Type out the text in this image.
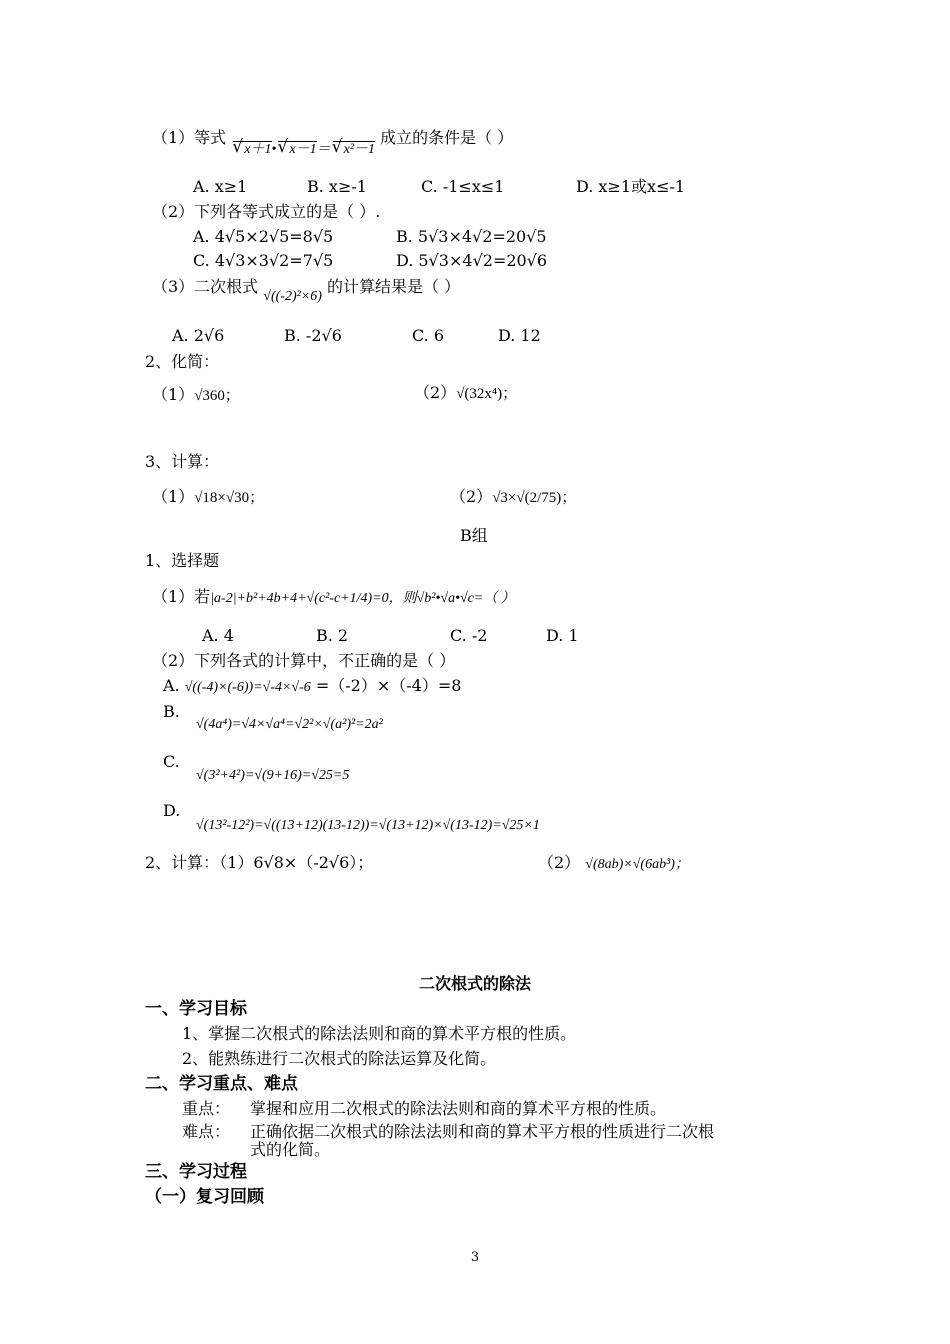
（1）等式 √ x＋1• √ x－1＝ √ x²－1 成立的条件是（ ）
A. x≥1	B. x≥-1	C. -1≤x≤1	D. x≥1或x≤-1
（2）下列各等式成立的是（ ）.
A. 4√5×2√5=8√5	B. 5√3×4√2=20√5
C. 4√3×3√2=7√5	D. 5√3×4√2=20√6
（3）二次根式 √((-2)²×6) 的计算结果是（ ）
A. 2√6	B. -2√6	C. 6	D. 12
2、化简：
（1）√360；	（2）√(32x⁴)；
3、计算：
（1）√18×√30；	（2）√3×√(2/75)；
B组
1、选择题
（1）若|a-2|+b²+4b+4+√(c²-c+1/4)=0，则√b²•√a•√c=（ ）
A. 4	B. 2	C. -2	D. 1
（2）下列各式的计算中，不正确的是（ ）
A. √((-4)×(-6))=√-4×√-6 =（-2）×（-4）=8
B.
√(4a⁴)=√4×√a⁴=√2²×√(a²)²=2a²
C.
√(3²+4²)=√(9+16)=√25=5
D.
√(13²-12²)=√((13+12)(13-12))=√(13+12)×√(13-12)=√25×1
2、计算：（1）6√8×（-2√6）；	（2） √(8ab)×√(6ab³)；
二次根式的除法
一、学习目标
1、掌握二次根式的除法法则和商的算术平方根的性质。
2、能熟练进行二次根式的除法运算及化简。
二、学习重点、难点
重点： 掌握和应用二次根式的除法法则和商的算术平方根的性质。
难点： 正确依据二次根式的除法法则和商的算术平方根的性质进行二次根
式的化简。
三、学习过程
（一）复习回顾
3
